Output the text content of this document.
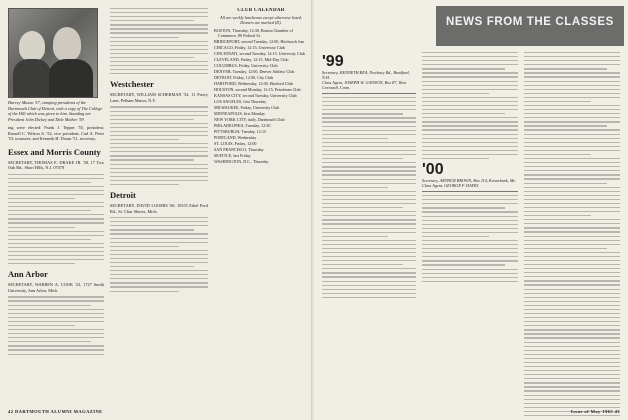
Harvey Mason '57, vamping presidents of the Dartmouth Club of Detroit, with a copy of The College of the Hill which was given to him. Standing are President John Dickey and Dale Mather '59.

ing were elected: Frank J. Tepper '55, president; Russell C. Wilson Jr. '52, vice president; Carl A. Peter '53, treasurer; and Kenneth H. Doran '51, secretary.

Essex and Morris County

SECRETARY, THOMAS E. DRAKE JR. '58, 17 Two Oak Rd., Short Hills, N.J. 07078

Ann Arbor

SECRETARY, WARREN A. COOK '23, 1727 Smith University, Ann Arbor, Mich.

Westchester

SECRETARY, WILLIAM SCHERMAN '54, 11 Priory Lane, Pelham Manor, N.Y.

Detroit

SECRETARY, DAVID LOOMIS '60, 10355 Ethel Ford Rd., St. Clair Shores, Mich.

CLUB CALENDAR
All are weekly luncheons except otherwise listed. Dinners are marked (D).
BOSTON, Thursday, 12:30, Boston Chamber of Commerce, 80 Federal St.
BRIDGEPORT, second Tuesday, 12:00, Hitchcock Inn
CHICAGO, Friday, 12:15, University Club
CINCINNATI, second Tuesday, 12:15, University Club
CLEVELAND, Friday, 12:15, Mid-Day Club
COLUMBUS, Friday, University Club
DENVER, Tuesday, 12:00, Denver Athletic Club
DETROIT, Friday, 12:00, City Club
HARTFORD, Wednesday, 12:00, Hartford Club
HOUSTON, second Monday, 12:15, Petroleum Club
KANSAS CITY, second Tuesday, University Club
LOS ANGELES, first Thursday
MILWAUKEE, Friday, University Club
MINNEAPOLIS, first Monday
NEW YORK CITY, daily, Dartmouth Club
PHILADELPHIA, Tuesday, 12:30
PITTSBURGH, Tuesday, 12:15
PORTLAND, Wednesday
ST. LOUIS, Friday, 12:00
SAN FRANCISCO, Thursday
SEATTLE, last Friday
WASHINGTON, D.C., Thursday
42 DARTMOUTH ALUMNI MAGAZINE
NEWS FROM THE CLASSES
'99

Secretary, KENNETH REA, Newbury Rd., Bradford, N.H.

Class Agent, JOSEPH W. GANNON, Box 87, West Cornwall, Conn.

'00

Secretary, ARTHUR BROWN, Box 114, Kennebunk, Me.

Class Agent, GEORGE F. HAYES

Issue of May 1965 43
